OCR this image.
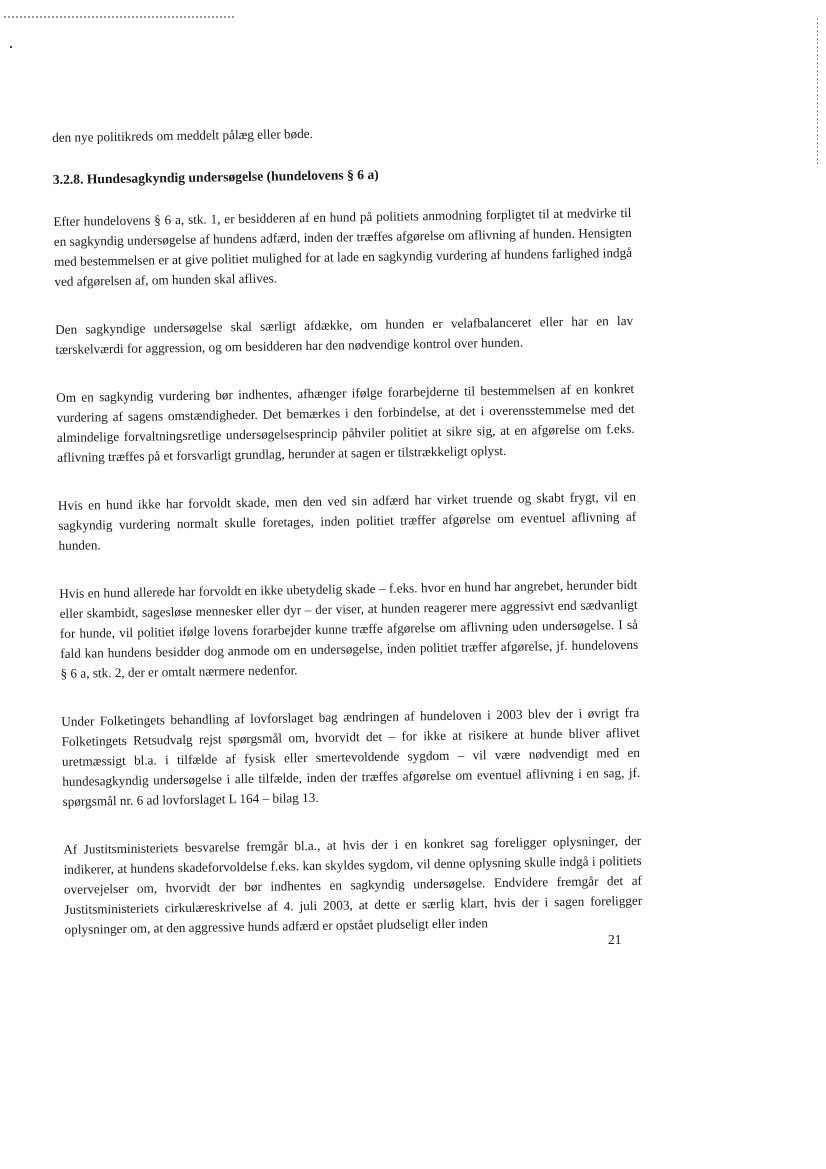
den nye politikreds om meddelt pålæg eller bøde.

3.2.8. Hundesagkyndig undersøgelse (hundelovens § 6 a)

Efter hundelovens § 6 a, stk. 1, er besidderen af en hund på politiets anmodning forpligtet til at medvirke til en sagkyndig undersøgelse af hundens adfærd, inden der træffes afgørelse om aflivning af hunden. Hensigten med bestemmelsen er at give politiet mulighed for at lade en sagkyndig vurdering af hundens farlighed indgå ved afgørelsen af, om hunden skal aflives.

Den sagkyndige undersøgelse skal særligt afdække, om hunden er velafbalanceret eller har en lav tærskelværdi for aggression, og om besidderen har den nødvendige kontrol over hunden.

Om en sagkyndig vurdering bør indhentes, afhænger ifølge forarbejderne til bestemmelsen af en konkret vurdering af sagens omstændigheder. Det bemærkes i den forbindelse, at det i overensstemmelse med det almindelige forvaltningsretlige undersøgelsesprincip påhviler politiet at sikre sig, at en afgørelse om f.eks. aflivning træffes på et forsvarligt grundlag, herunder at sagen er tilstrækkeligt oplyst.

Hvis en hund ikke har forvoldt skade, men den ved sin adfærd har virket truende og skabt frygt, vil en sagkyndig vurdering normalt skulle foretages, inden politiet træffer afgørelse om eventuel aflivning af hunden.

Hvis en hund allerede har forvoldt en ikke ubetydelig skade – f.eks. hvor en hund har angrebet, herunder bidt eller skambidt, sagesløse mennesker eller dyr – der viser, at hunden reagerer mere aggressivt end sædvanligt for hunde, vil politiet ifølge lovens forarbejder kunne træffe afgørelse om aflivning uden undersøgelse. I så fald kan hundens besidder dog anmode om en undersøgelse, inden politiet træffer afgørelse, jf. hundelovens § 6 a, stk. 2, der er omtalt nærmere nedenfor.

Under Folketingets behandling af lovforslaget bag ændringen af hundeloven i 2003 blev der i øvrigt fra Folketingets Retsudvalg rejst spørgsmål om, hvorvidt det – for ikke at risikere at hunde bliver aflivet uretmæssigt bl.a. i tilfælde af fysisk eller smertevoldende sygdom – vil være nødvendigt med en hundesagkyndig undersøgelse i alle tilfælde, inden der træffes afgørelse om eventuel aflivning i en sag, jf. spørgsmål nr. 6 ad lovforslaget L 164 – bilag 13.

Af Justitsministeriets besvarelse fremgår bl.a., at hvis der i en konkret sag foreligger oplysninger, der indikerer, at hundens skadeforvoldelse f.eks. kan skyldes sygdom, vil denne oplysning skulle indgå i politiets overvejelser om, hvorvidt der bør indhentes en sagkyndig undersøgelse. Endvidere fremgår det af Justitsministeriets cirkulæreskrivelse af 4. juli 2003, at dette er særlig klart, hvis der i sagen foreligger oplysninger om, at den aggressive hunds adfærd er opstået pludseligt eller inden

21
